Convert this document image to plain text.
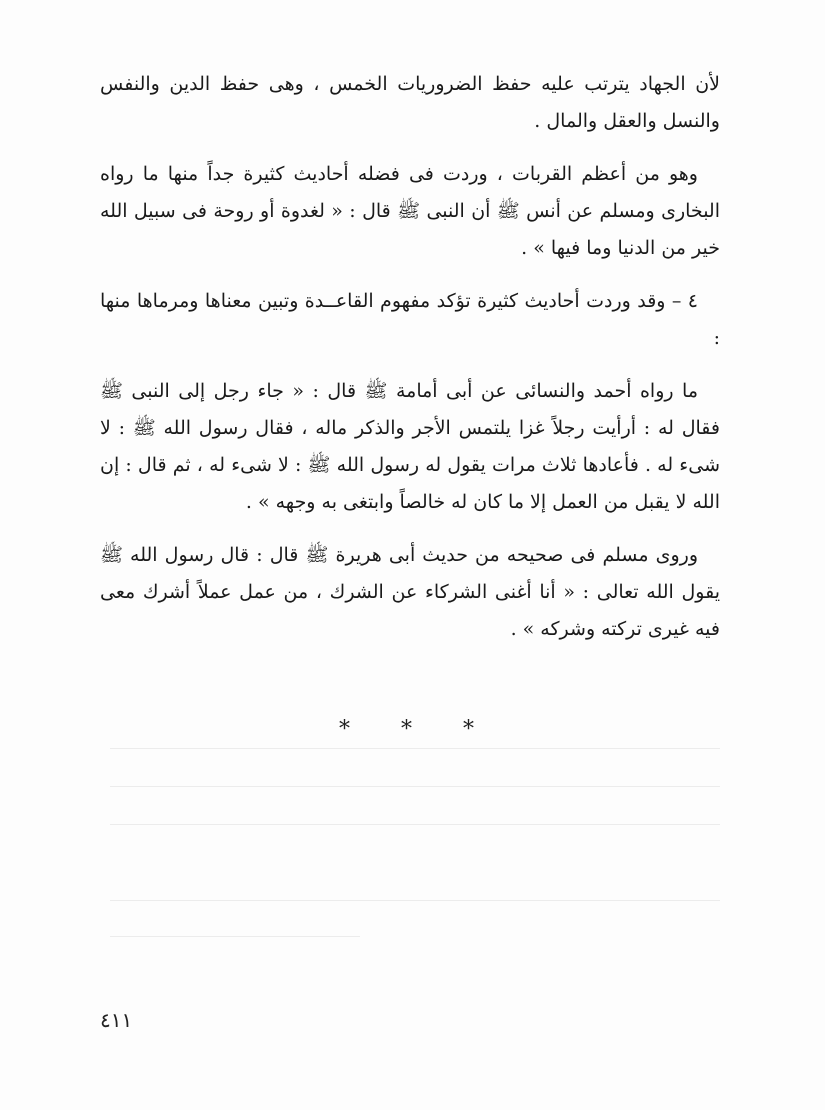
لأن الجهاد يترتب عليه حفظ الضروريات الخمس ، وهى حفظ الدين والنفس والنسل والعقل والمال .

وهو من أعظم القربات ، وردت فى فضله أحاديث كثيرة جداً منها ما رواه البخارى ومسلم عن أنس ﷺ أن النبى ﷺ قال : « لغدوة أو روحة فى سبيل الله خير من الدنيا وما فيها » .

٤ – وقد وردت أحاديث كثيرة تؤكد مفهوم القاعــدة وتبين معناها ومرماها منها :

ما رواه أحمد والنسائى عن أبى أمامة ﷺ قال : « جاء رجل إلى النبى ﷺ فقال له : أرأيت رجلاً غزا يلتمس الأجر والذكر ماله ، فقال رسول الله ﷺ : لا شىء له . فأعادها ثلاث مرات يقول له رسول الله ﷺ : لا شىء له ، ثم قال : إن الله لا يقبل من العمل إلا ما كان له خالصاً وابتغى به وجهه » .

وروى مسلم فى صحيحه من حديث أبى هريرة ﷺ قال : قال رسول الله ﷺ يقول الله تعالى : « أنا أغنى الشركاء عن الشرك ، من عمل عملاً أشرك معى فيه غيرى تركته وشركه » .

* * *
٤١١
